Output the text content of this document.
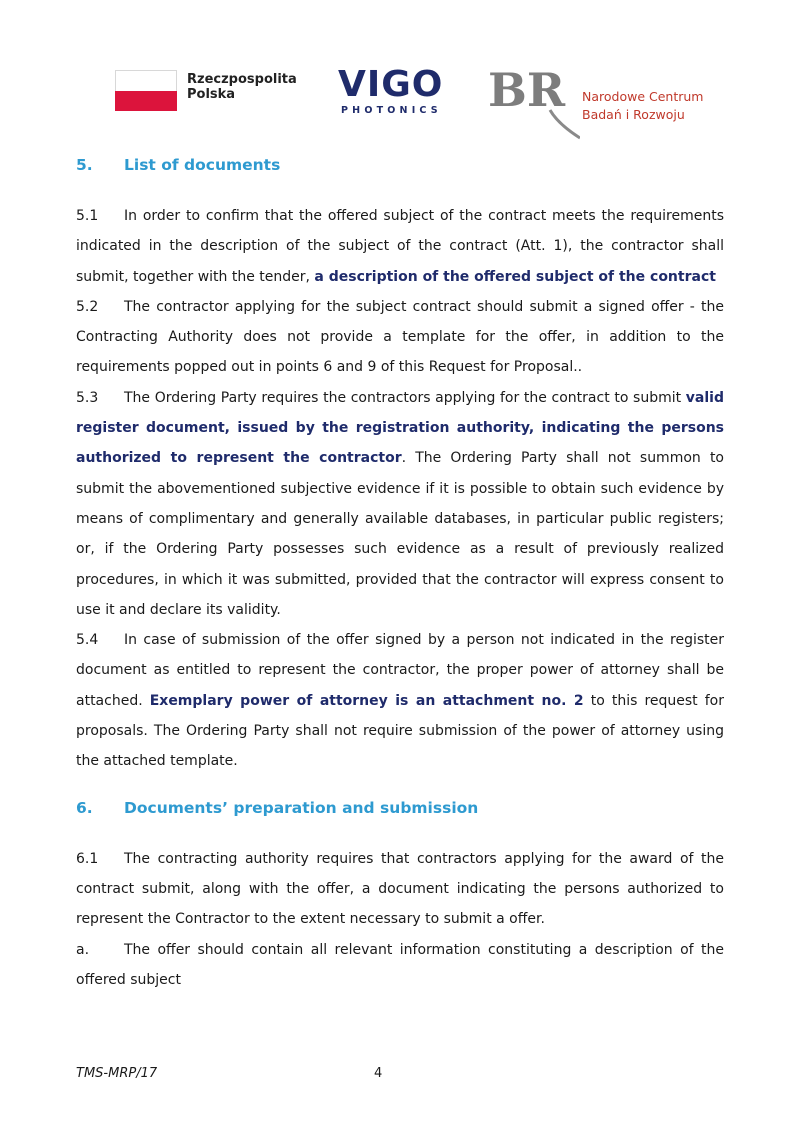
Rzeczpospolita
Polska	VIGO
PHOTONICS BR Narodowe Centrum
Badań i Rozwoju
5. List of documents

5.1 In order to confirm that the offered subject of the contract meets the requirements indicated in the description of the subject of the contract (Att. 1), the contractor shall submit, together with the tender, a description of the offered subject of the contract

5.2 The contractor applying for the subject contract should submit a signed offer - the Contracting Authority does not provide a template for the offer, in addition to the requirements popped out in points 6 and 9 of this Request for Proposal..

5.3 The Ordering Party requires the contractors applying for the contract to submit valid register document, issued by the registration authority, indicating the persons authorized to represent the contractor. The Ordering Party shall not summon to submit the abovementioned subjective evidence if it is possible to obtain such evidence by means of complimentary and generally available databases, in particular public registers; or, if the Ordering Party possesses such evidence as a result of previously realized procedures, in which it was submitted, provided that the contractor will express consent to use it and declare its validity.

5.4 In case of submission of the offer signed by a person not indicated in the register document as entitled to represent the contractor, the proper power of attorney shall be attached. Exemplary power of attorney is an attachment no. 2 to this request for proposals. The Ordering Party shall not require submission of the power of attorney using the attached template.

6. Documents’ preparation and submission

6.1 The contracting authority requires that contractors applying for the award of the contract submit, along with the offer, a document indicating the persons authorized to represent the Contractor to the extent necessary to submit a offer.

a. The offer should contain all relevant information constituting a description of the offered subject

TMS-MRP/17	4
